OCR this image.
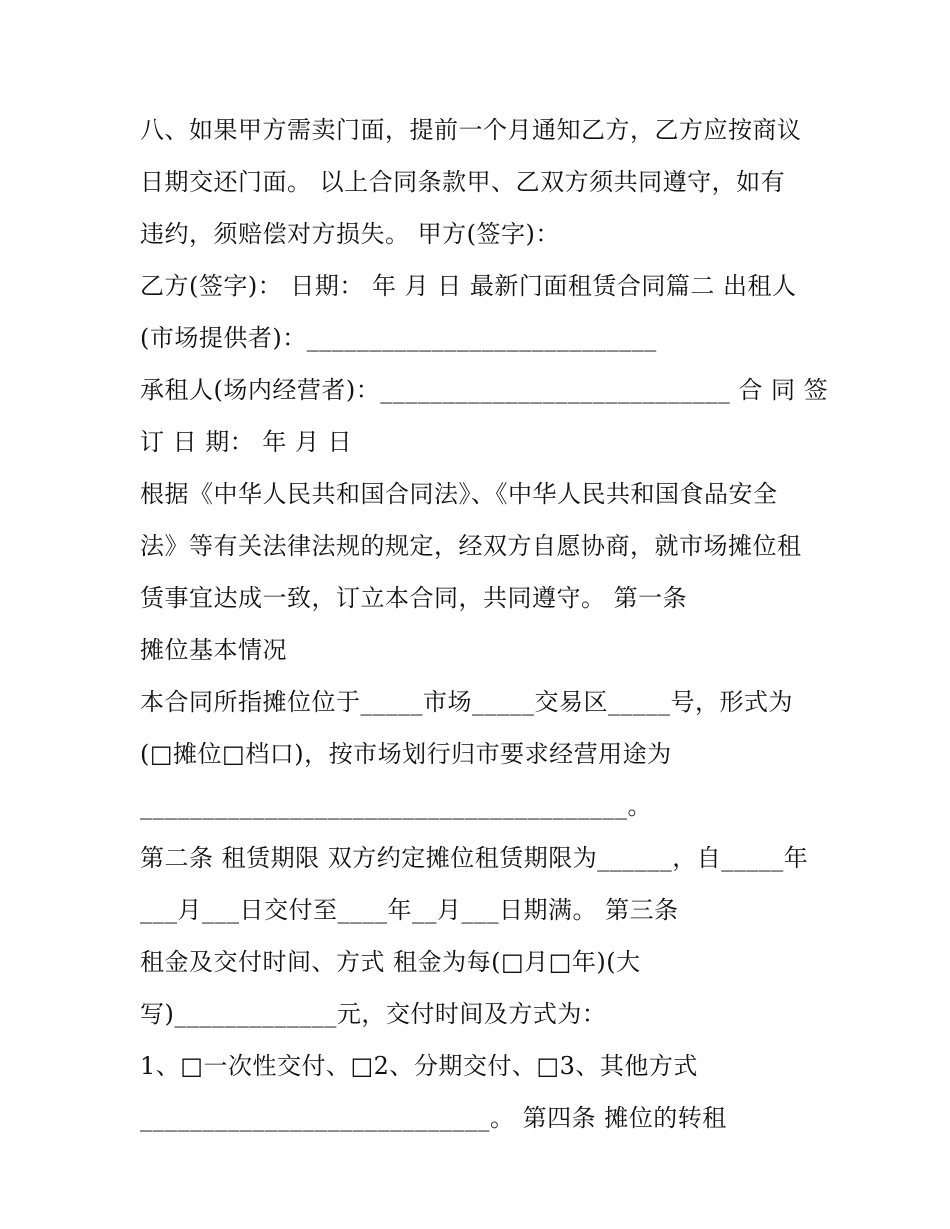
八、如果甲方需卖门面，提前一个月通知乙方，乙方应按商议
日期交还门面。 以上合同条款甲、乙双方须共同遵守，如有
违约，须赔偿对方损失。 甲方(签字)：
乙方(签字)： 日期： 年 月 日 最新门面租赁合同篇二 出租人
(市场提供者)：____________________________
承租人(场内经营者)：____________________________ 合 同 签
订 日 期： 年 月 日
根据《中华人民共和国合同法》、《中华人民共和国食品安全
法》等有关法律法规的规定，经双方自愿协商，就市场摊位租
赁事宜达成一致，订立本合同，共同遵守。 第一条
摊位基本情况
本合同所指摊位位于_____市场_____交易区_____号，形式为
(□摊位□档口)，按市场划行归市要求经营用途为
_______________________________________。
第二条 租赁期限 双方约定摊位租赁期限为______，自_____年
___月___日交付至____年__月___日期满。 第三条
租金及交付时间、方式 租金为每(□月□年)(大
写)_____________元，交付时间及方式为：
1、□一次性交付、□2、分期交付、□3、其他方式
____________________________。 第四条 摊位的转租
